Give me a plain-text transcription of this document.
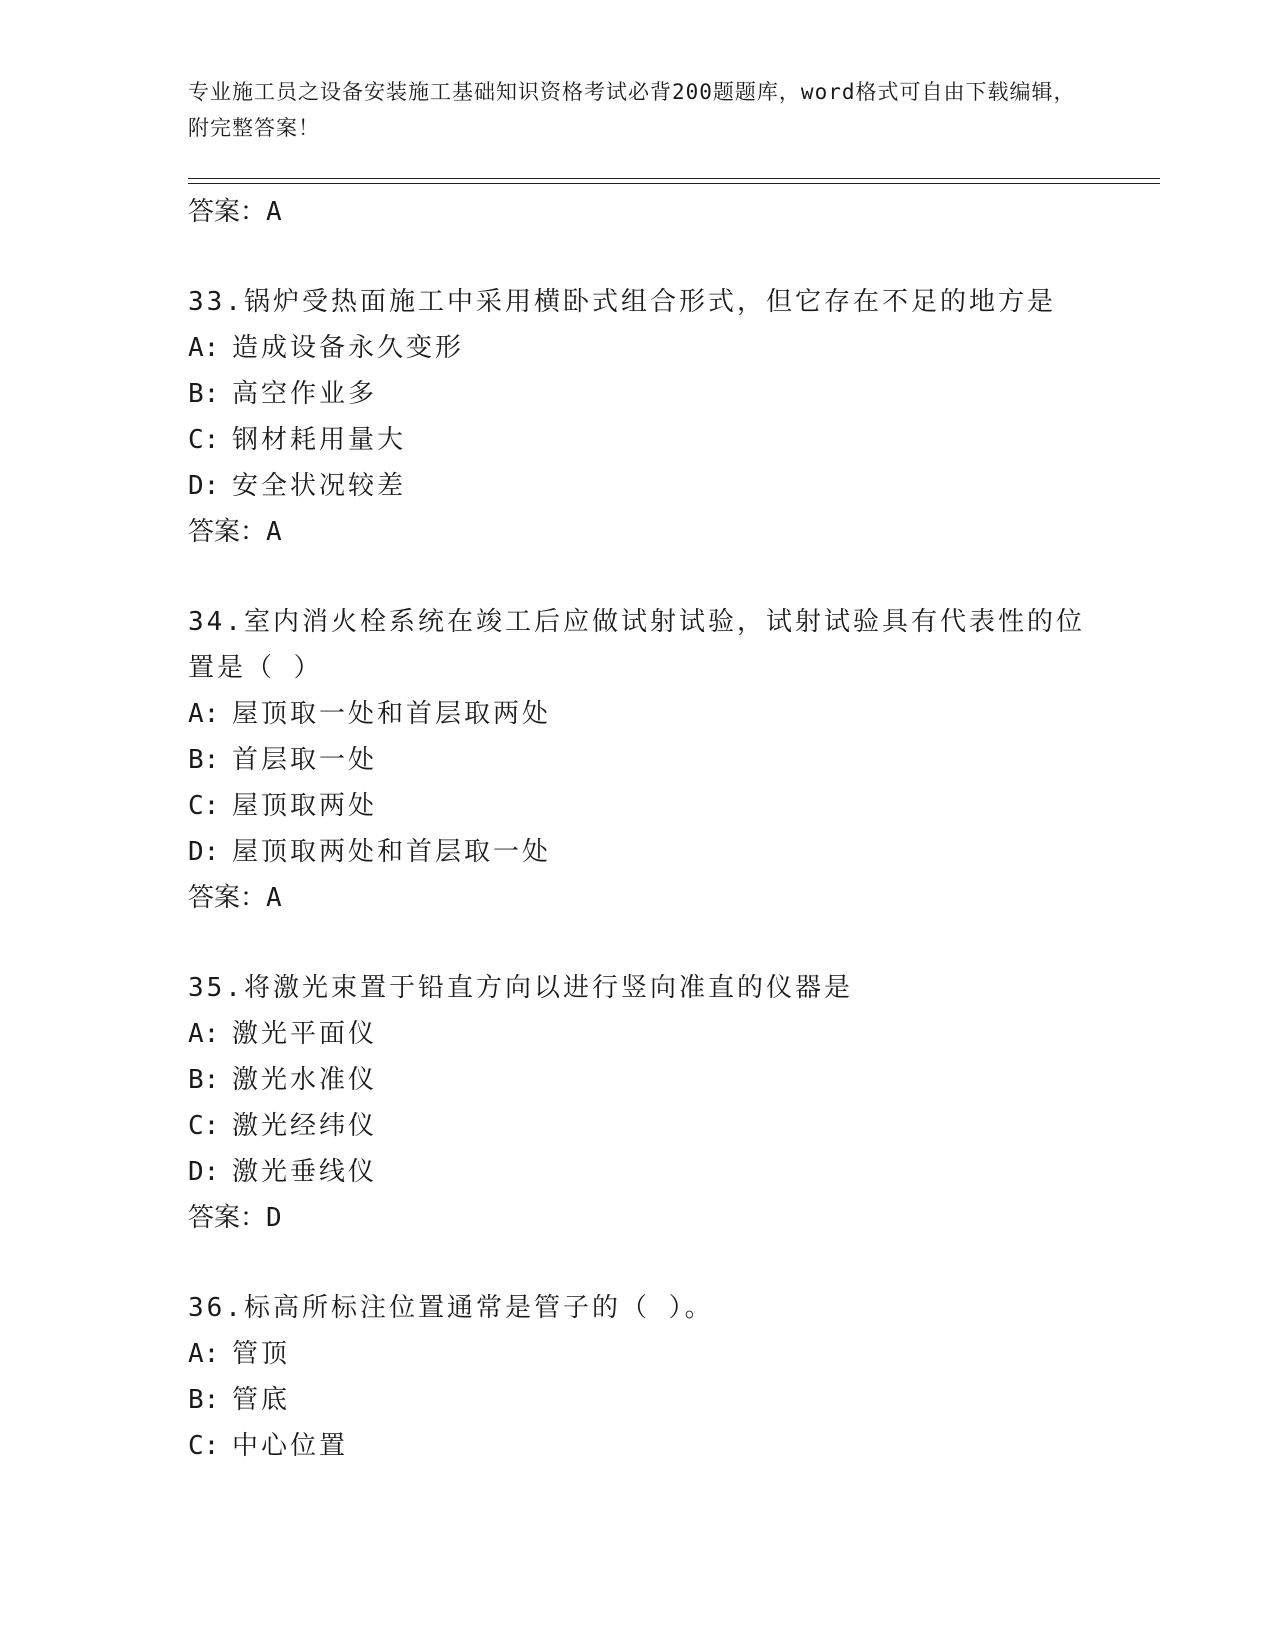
专业施工员之设备安装施工基础知识资格考试必背200题题库，word格式可自由下载编辑，附完整答案！
答案：A
33.锅炉受热面施工中采用横卧式组合形式，但它存在不足的地方是
A: 造成设备永久变形
B: 高空作业多
C: 钢材耗用量大
D: 安全状况较差
答案：A
34.室内消火栓系统在竣工后应做试射试验，试射试验具有代表性的位置是（ ）
A: 屋顶取一处和首层取两处
B: 首层取一处
C: 屋顶取两处
D: 屋顶取两处和首层取一处
答案：A
35.将激光束置于铅直方向以进行竖向准直的仪器是
A: 激光平面仪
B: 激光水准仪
C: 激光经纬仪
D: 激光垂线仪
答案：D
36.标高所标注位置通常是管子的（ ）。
A: 管顶
B: 管底
C: 中心位置
